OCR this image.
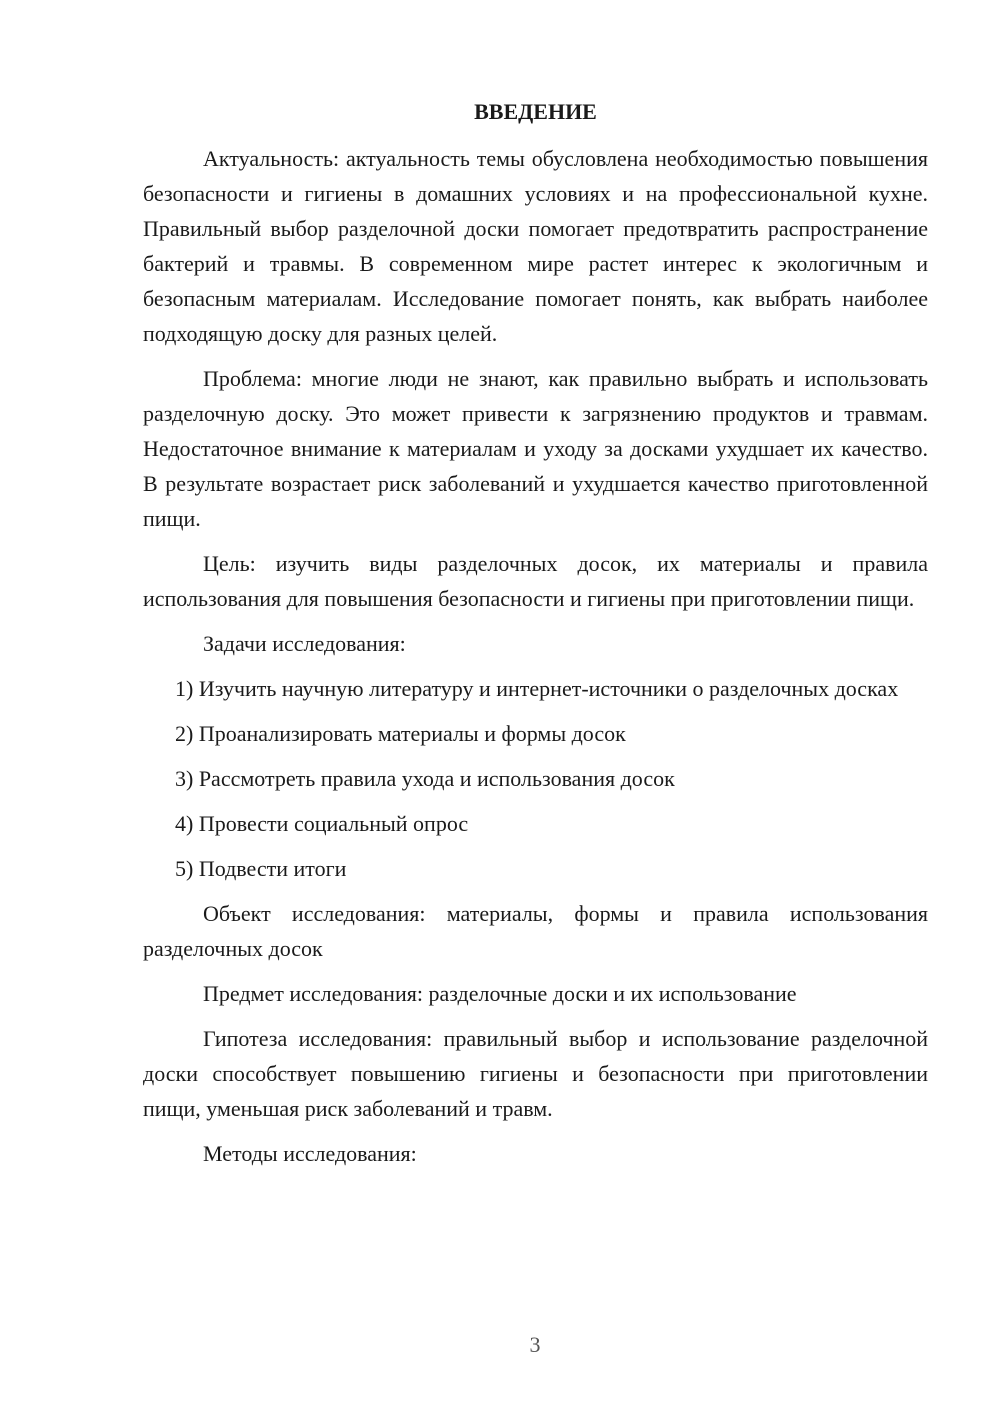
ВВЕДЕНИЕ

Актуальность: актуальность темы обусловлена необходимостью повышения безопасности и гигиены в домашних условиях и на профессиональной кухне. Правильный выбор разделочной доски помогает предотвратить распространение бактерий и травмы. В современном мире растет интерес к экологичным и безопасным материалам. Исследование помогает понять, как выбрать наиболее подходящую доску для разных целей.

Проблема: многие люди не знают, как правильно выбрать и использовать разделочную доску. Это может привести к загрязнению продуктов и травмам. Недостаточное внимание к материалам и уходу за досками ухудшает их качество. В результате возрастает риск заболеваний и ухудшается качество приготовленной пищи.

Цель: изучить виды разделочных досок, их материалы и правила использования для повышения безопасности и гигиены при приготовлении пищи.

Задачи исследования:

1) Изучить научную литературу и интернет-источники о разделочных досках

2) Проанализировать материалы и формы досок

3) Рассмотреть правила ухода и использования досок

4) Провести социальный опрос

5) Подвести итоги

Объект исследования: материалы, формы и правила использования разделочных досок

Предмет исследования: разделочные доски и их использование

Гипотеза исследования: правильный выбор и использование разделочной доски способствует повышению гигиены и безопасности при приготовлении пищи, уменьшая риск заболеваний и травм.

Методы исследования:

3
